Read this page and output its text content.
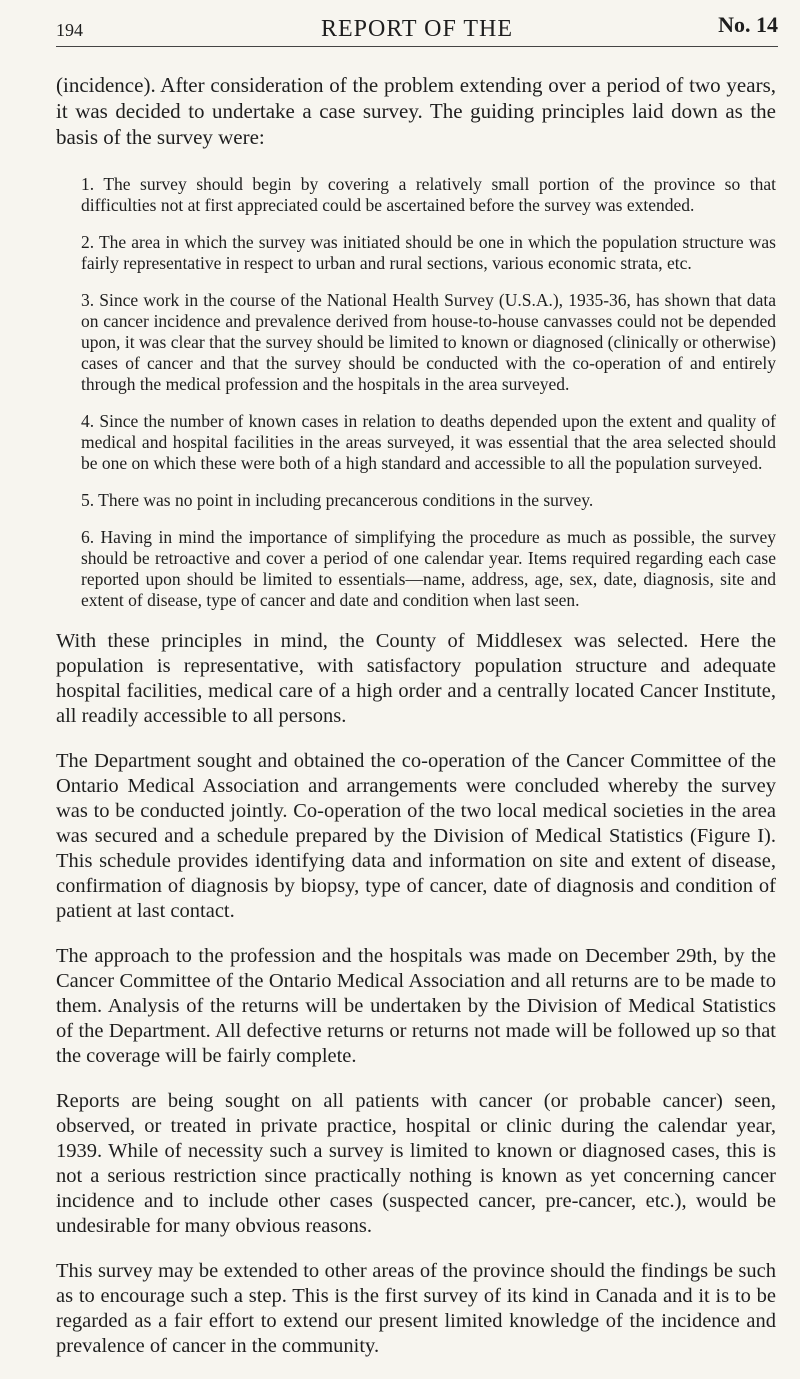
194	REPORT OF THE	No. 14

(incidence). After consideration of the problem extending over a period of two years, it was decided to undertake a case survey. The guiding principles laid down as the basis of the survey were:

1. The survey should begin by covering a relatively small portion of the province so that difficulties not at first appreciated could be ascertained before the survey was extended.
2. The area in which the survey was initiated should be one in which the population structure was fairly representative in respect to urban and rural sections, various economic strata, etc.
3. Since work in the course of the National Health Survey (U.S.A.), 1935-36, has shown that data on cancer incidence and prevalence derived from house-to-house canvasses could not be depended upon, it was clear that the survey should be limited to known or diagnosed (clinically or otherwise) cases of cancer and that the survey should be conducted with the co-operation of and entirely through the medical profession and the hospitals in the area surveyed.
4. Since the number of known cases in relation to deaths depended upon the extent and quality of medical and hospital facilities in the areas surveyed, it was essential that the area selected should be one on which these were both of a high standard and accessible to all the population surveyed.
5. There was no point in including precancerous conditions in the survey.
6. Having in mind the importance of simplifying the procedure as much as possible, the survey should be retroactive and cover a period of one calendar year. Items required regarding each case reported upon should be limited to essentials—name, address, age, sex, date, diagnosis, site and extent of disease, type of cancer and date and condition when last seen.

With these principles in mind, the County of Middlesex was selected. Here the population is representative, with satisfactory population structure and adequate hospital facilities, medical care of a high order and a centrally located Cancer Institute, all readily accessible to all persons.

The Department sought and obtained the co-operation of the Cancer Committee of the Ontario Medical Association and arrangements were concluded whereby the survey was to be conducted jointly. Co-operation of the two local medical societies in the area was secured and a schedule prepared by the Division of Medical Statistics (Figure I). This schedule provides identifying data and information on site and extent of disease, confirmation of diagnosis by biopsy, type of cancer, date of diagnosis and condition of patient at last contact.

The approach to the profession and the hospitals was made on December 29th, by the Cancer Committee of the Ontario Medical Association and all returns are to be made to them. Analysis of the returns will be undertaken by the Division of Medical Statistics of the Department. All defective returns or returns not made will be followed up so that the coverage will be fairly complete.

Reports are being sought on all patients with cancer (or probable cancer) seen, observed, or treated in private practice, hospital or clinic during the calendar year, 1939. While of necessity such a survey is limited to known or diagnosed cases, this is not a serious restriction since practically nothing is known as yet concerning cancer incidence and to include other cases (suspected cancer, pre-cancer, etc.), would be undesirable for many obvious reasons.

This survey may be extended to other areas of the province should the findings be such as to encourage such a step. This is the first survey of its kind in Canada and it is to be regarded as a fair effort to extend our present limited knowledge of the incidence and prevalence of cancer in the community.
